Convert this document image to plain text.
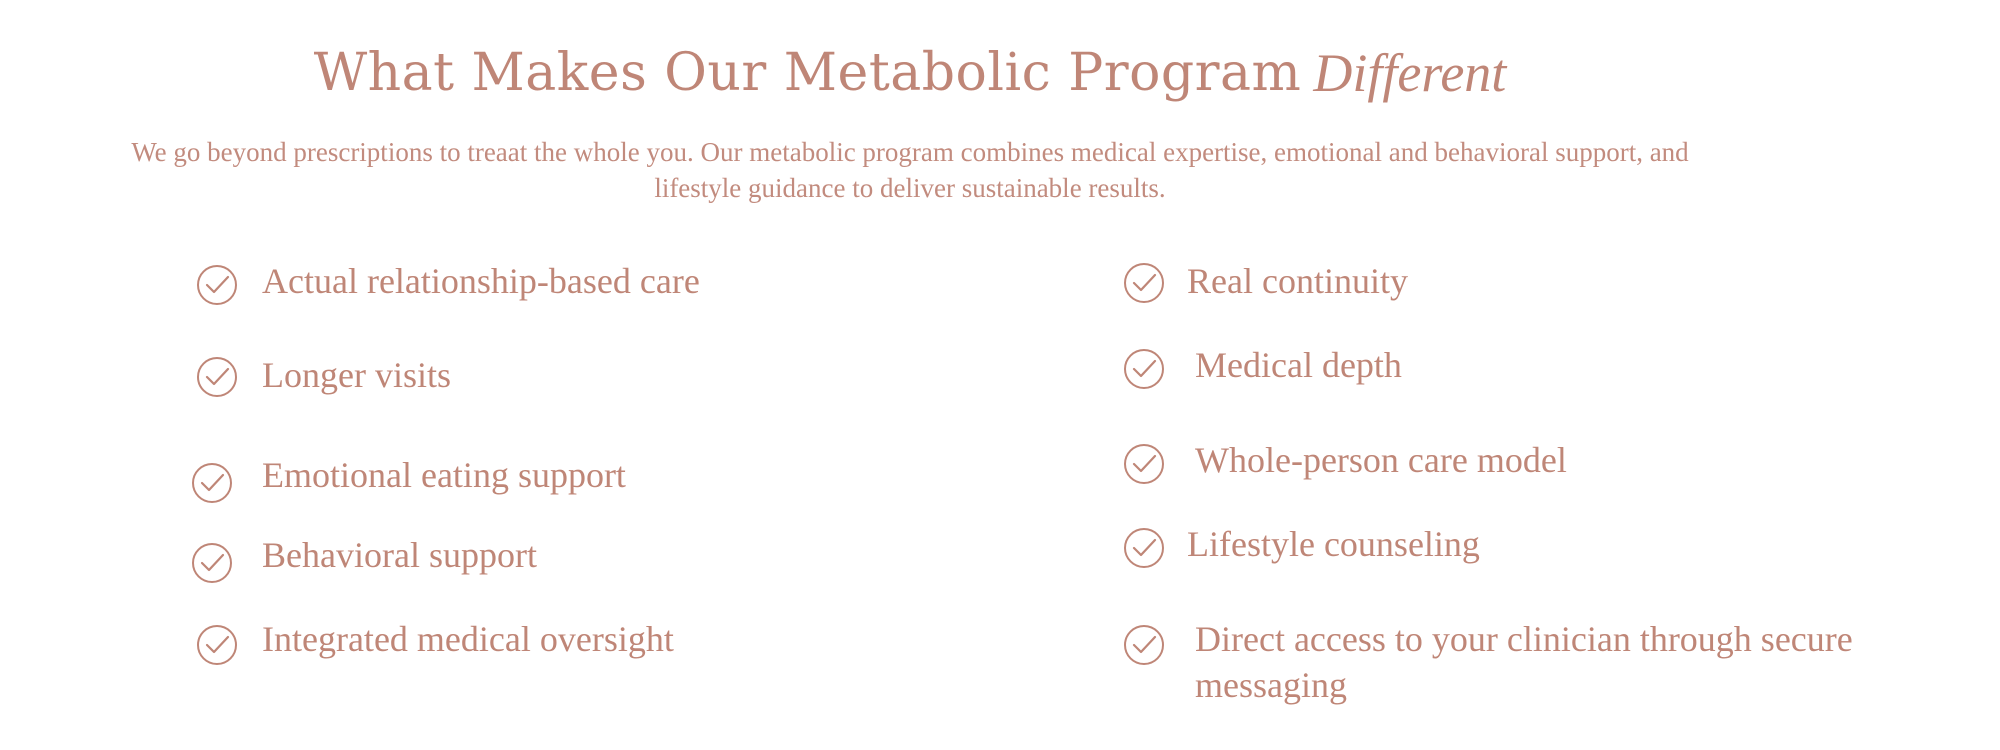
What Makes Our Metabolic Program Different
We go beyond prescriptions to treaat the whole you. Our metabolic program combines medical expertise, emotional and behavioral support, and lifestyle guidance to deliver sustainable results.
Actual relationship-based care
Longer visits
Emotional eating support
Behavioral support
Integrated medical oversight
Real continuity
Medical depth
Whole-person care model
Lifestyle counseling
Direct access to your clinician through secure messaging
